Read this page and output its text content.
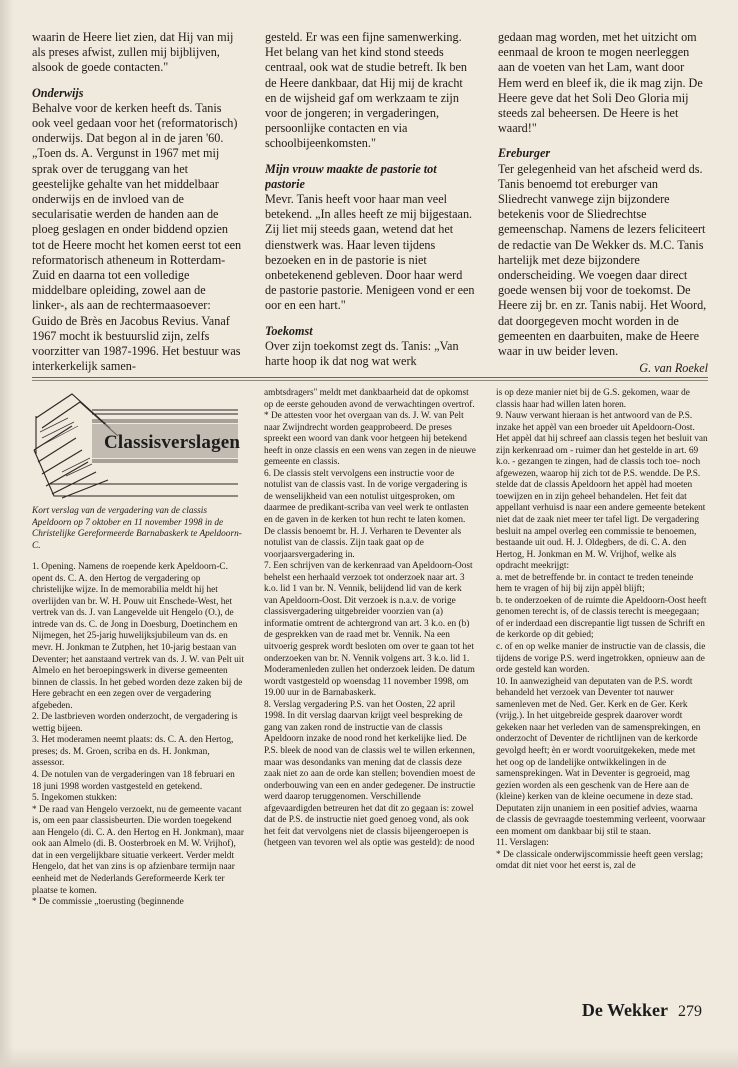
waarin de Heere liet zien, dat Hij van mij als preses afwist, zullen mij bijblijven, alsook de goede contacten."

Onderwijs

Behalve voor de kerken heeft ds. Tanis ook veel gedaan voor het (reformatorisch) onderwijs. Dat begon al in de jaren '60. „Toen ds. A. Vergunst in 1967 met mij sprak over de teruggang van het geestelijke gehalte van het middelbaar onderwijs en de invloed van de secularisatie werden de handen aan de ploeg geslagen en onder biddend opzien tot de Heere mocht het komen eerst tot een reformatorisch atheneum in Rotterdam-Zuid en daarna tot een volledige middelbare opleiding, zowel aan de linker-, als aan de rechtermaasoever: Guido de Brès en Jacobus Revius. Vanaf 1967 mocht ik bestuurslid zijn, zelfs voorzitter van 1987-1996. Het bestuur was interkerkelijk samen-

gesteld. Er was een fijne samenwerking. Het belang van het kind stond steeds centraal, ook wat de studie betreft. Ik ben de Heere dankbaar, dat Hij mij de kracht en de wijsheid gaf om werkzaam te zijn voor de jongeren; in vergaderingen, persoonlijke contacten en via schoolbijeenkomsten."

Mijn vrouw maakte de pastorie tot pastorie

Mevr. Tanis heeft voor haar man veel betekend. „In alles heeft ze mij bijgestaan. Zij liet mij steeds gaan, wetend dat het dienstwerk was. Haar leven tijdens bezoeken en in de pastorie is niet onbetekenend gebleven. Door haar werd de pastorie pastorie. Menigeen vond er een oor en een hart."

Toekomst

Over zijn toekomst zegt ds. Tanis: „Van harte hoop ik dat nog wat werk

gedaan mag worden, met het uitzicht om eenmaal de kroon te mogen neerleggen aan de voeten van het Lam, want door Hem werd en bleef ik, die ik mag zijn. De Heere geve dat het Soli Deo Gloria mij steeds zal beheersen. De Heere is het waard!"

Ereburger

Ter gelegenheid van het afscheid werd ds. Tanis benoemd tot ereburger van Sliedrecht vanwege zijn bijzondere betekenis voor de Sliedrechtse gemeenschap. Namens de lezers feliciteert de redactie van De Wekker ds. M.C. Tanis hartelijk met deze bijzondere onderscheiding. We voegen daar direct goede wensen bij voor de toekomst. De Heere zij br. en zr. Tanis nabij. Het Woord, dat doorgegeven mocht worden in de gemeenten en daarbuiten, make de Heere waar in uw beider leven.

G. van Roekel

Classisverslagen

Kort verslag van de vergadering van de classis Apeldoorn op 7 oktober en 11 november 1998 in de Christelijke Gereformeerde Barnabaskerk te Apeldoorn-C.

1. Opening. Namens de roepende kerk Apeldoorn-C. opent ds. C. A. den Hertog de vergadering op christelijke wijze. In de memorabilia meldt hij het overlijden van br. W. H. Pouw uit Enschede-West, het vertrek van ds. J. van Langevelde uit Hengelo (O.), de intrede van ds. C. de Jong in Doesburg, Doetinchem en Nijmegen, het 25-jarig huwelijksjubileum van ds. en mevr. H. Jonkman te Zutphen, het 10-jarig bestaan van Deventer; het aanstaand vertrek van ds. J. W. van Pelt uit Almelo en het beroepingswerk in diverse gemeenten binnen de classis. In het gebed worden deze zaken bij de Here gebracht en een zegen over de vergadering afgebeden.

2. De lastbrieven worden onderzocht, de vergadering is wettig bijeen.

3. Het moderamen neemt plaats: ds. C. A. den Hertog, preses; ds. M. Groen, scriba en ds. H. Jonkman, assessor.

4. De notulen van de vergaderingen van 18 februari en 18 juni 1998 worden vastgesteld en getekend.

5. Ingekomen stukken:

* De raad van Hengelo verzoekt, nu de gemeente vacant is, om een paar classisbeurten. Die worden toegekend aan Hengelo (di. C. A. den Hertog en H. Jonkman), maar ook aan Almelo (di. B. Oosterbroek en M. W. Vrijhof), dat in een vergelijkbare situatie verkeert. Verder meldt Hengelo, dat het van zins is op afzienbare termijn naar eenheid met de Nederlands Gereformeerde Kerk ter plaatse te komen.

* De commissie „toerusting (beginnende

ambtsdragers" meldt met dankbaarheid dat de opkomst op de eerste gehouden avond de verwachtingen overtrof.

* De attesten voor het overgaan van ds. J. W. van Pelt naar Zwijndrecht worden geapprobeerd. De preses spreekt een woord van dank voor hetgeen hij betekend heeft in onze classis en een wens van zegen in de nieuwe gemeente en classis.

6. De classis stelt vervolgens een instructie voor de notulist van de classis vast. In de vorige vergadering is de wenselijkheid van een notulist uitgesproken, om daarmee de predikant-scriba van veel werk te ontlasten en de gaven in de kerken tot hun recht te laten komen. De classis benoemt br. H. J. Verharen te Deventer als notulist van de classis. Zijn taak gaat op de voorjaarsvergadering in.

7. Een schrijven van de kerkenraad van Apeldoorn-Oost behelst een herhaald verzoek tot onderzoek naar art. 3 k.o. lid 1 van br. N. Vennik, belijdend lid van de kerk van Apeldoorn-Oost. Dit verzoek is n.a.v. de vorige classisvergadering uitgebreider voorzien van (a) informatie omtrent de achtergrond van art. 3 k.o. en (b) de gesprekken van de raad met br. Vennik. Na een uitvoerig gesprek wordt besloten om over te gaan tot het onderzoeken van br. N. Vennik volgens art. 3 k.o. lid 1. Moderamenleden zullen het onderzoek leiden. De datum wordt vastgesteld op woensdag 11 november 1998, om 19.00 uur in de Barnabaskerk.

8. Verslag vergadering P.S. van het Oosten, 22 april 1998. In dit verslag daarvan krijgt veel bespreking de gang van zaken rond de instructie van de classis Apeldoorn inzake de nood rond het kerkelijke lied. De P.S. bleek de nood van de classis wel te willen erkennen, maar was desondanks van mening dat de classis deze zaak niet zo aan de orde kan stellen; bovendien moest de onderbouwing van een en ander gedegener. De instructie werd daarop teruggenomen. Verschillende afgevaardigden betreuren het dat dit zo gegaan is: zowel dat de P.S. de instructie niet goed genoeg vond, als ook het feit dat vervolgens niet de classis bijeengeroepen is (hetgeen van tevoren wel als optie was gesteld): de nood

is op deze manier niet bij de G.S. gekomen, waar de classis haar had willen laten horen.

9. Nauw verwant hieraan is het antwoord van de P.S. inzake het appèl van een broeder uit Apeldoorn-Oost. Het appèl dat hij schreef aan classis tegen het besluit van zijn kerkenraad om - ruimer dan het gestelde in art. 69 k.o. - gezangen te zingen, had de classis toch toe- noch afgewezen, waarop hij zich tot de P.S. wendde. De P.S. stelde dat de classis Apeldoorn het appèl had moeten toewijzen en in zijn geheel behandelen. Het feit dat appellant verhuisd is naar een andere gemeente betekent niet dat de zaak niet meer ter tafel ligt. De vergadering besluit na ampel overleg een commissie te benoemen, bestaande uit oud. H. J. Oldegbers, de di. C. A. den Hertog, H. Jonkman en M. W. Vrijhof, welke als opdracht meekrijgt:

a. met de betreffende br. in contact te treden teneinde hem te vragen of hij bij zijn appèl blijft;

b. te onderzoeken of de ruimte die Apeldoorn-Oost heeft genomen terecht is, of de classis terecht is meegegaan; of er inderdaad een discrepantie ligt tussen de Schrift en de kerkorde op dit gebied;

c. of en op welke manier de instructie van de classis, die tijdens de vorige P.S. werd ingetrokken, opnieuw aan de orde gesteld kan worden.

10. In aanwezigheid van deputaten van de P.S. wordt behandeld het verzoek van Deventer tot nauwer samenleven met de Ned. Ger. Kerk en de Ger. Kerk (vrijg.). In het uitgebreide gesprek daarover wordt gekeken naar het verleden van de samensprekingen, en onderzocht of Deventer de richtlijnen van de kerkorde gevolgd heeft; èn er wordt vooruitgekeken, mede met het oog op de landelijke ontwikkelingen in de samensprekingen. Wat in Deventer is gegroeid, mag gezien worden als een geschenk van de Here aan de (kleine) kerken van de kleine oecumene in deze stad. Deputaten zijn unaniem in een positief advies, waarna de classis de gevraagde toestemming verleent, voorwaar een moment om dankbaar bij stil te staan.

11. Verslagen:

* De classicale onderwijscommissie heeft geen verslag; omdat dit niet voor het eerst is, zal de

De Wekker 279
